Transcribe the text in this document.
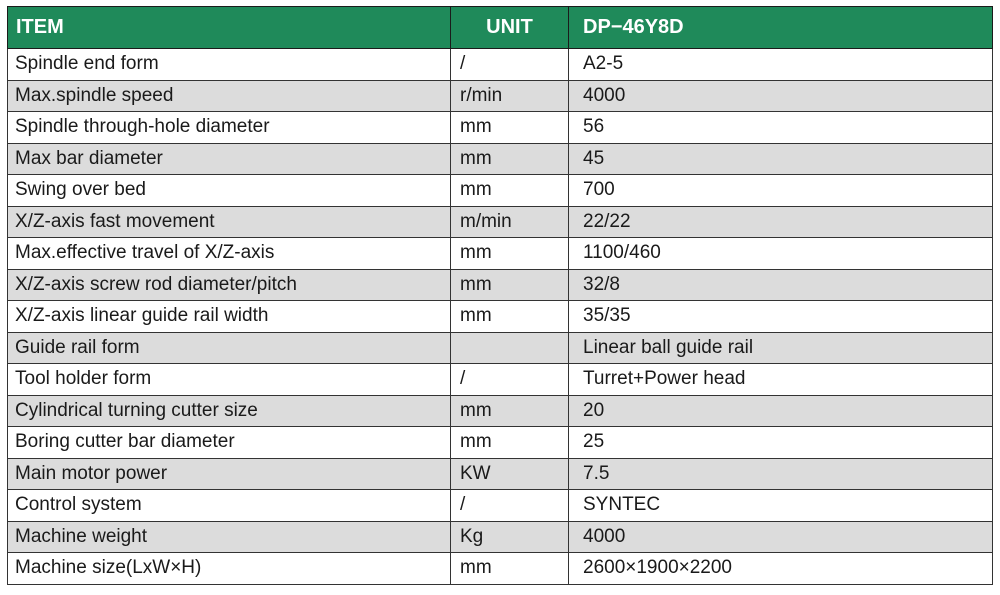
ITEM	UNIT	DP−46Y8D
Spindle end form	/	A2-5
Max.spindle speed	r/min	4000
Spindle through-hole diameter	mm	56
Max bar diameter	mm	45
Swing over bed	mm	700
X/Z-axis fast movement	m/min	22/22
Max.effective travel of X/Z-axis	mm	1100/460
X/Z-axis screw rod diameter/pitch	mm	32/8
X/Z-axis linear guide rail width	mm	35/35
Guide rail form		Linear ball guide rail
Tool holder form	/	Turret+Power head
Cylindrical turning cutter size	mm	20
Boring cutter bar diameter	mm	25
Main motor power	KW	7.5
Control system	/	SYNTEC
Machine weight	Kg	4000
Machine size(LxW×H)	mm	2600×1900×2200
